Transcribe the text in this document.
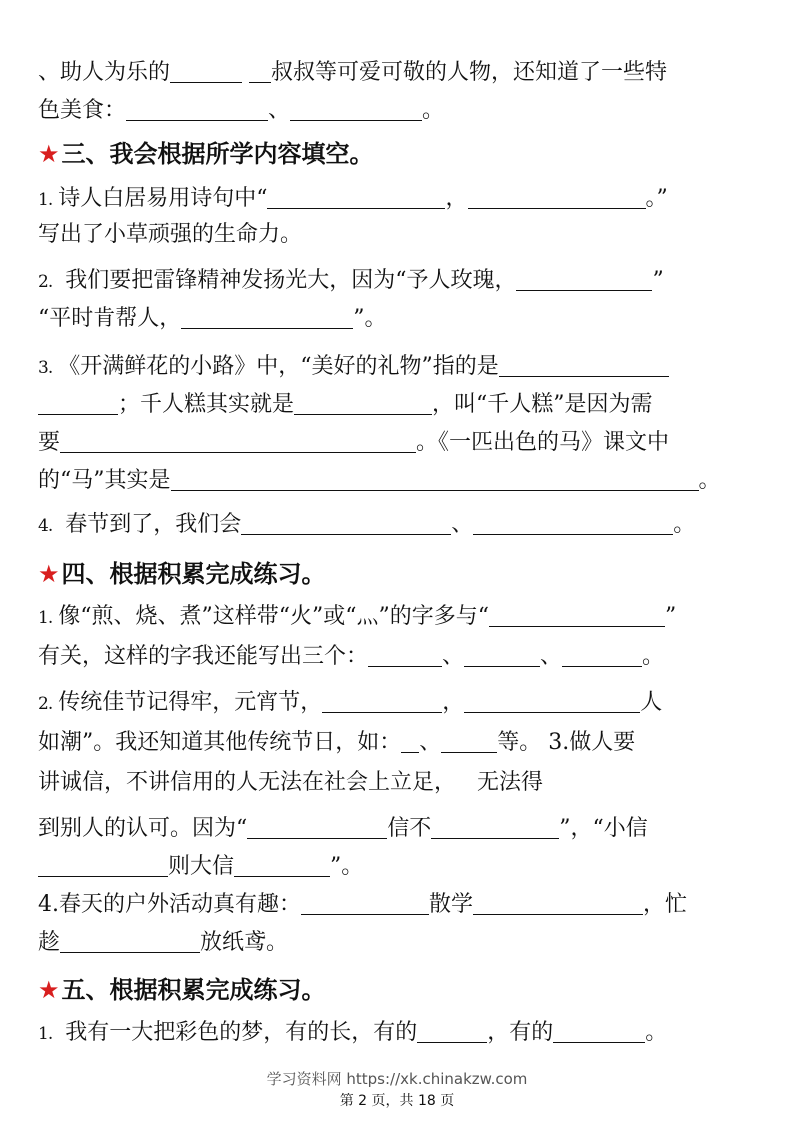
、助人为乐的	叔叔等可爱可敬的人物，还知道了一些特
色美食：	、	。
★三、我会根据所学内容填空。
1. 诗人白居易用诗句中“	，	。”
写出了小草顽强的生命力。
2. 我们要把雷锋精神发扬光大，因为“予人玫瑰，	”
“平时肯帮人，	”。
3. 《开满鲜花的小路》中，“美好的礼物”指的是
；千人糕其实就是	，叫“千人糕”是因为需
要	。《一匹出色的马》课文中
的“马”其实是	。
4. 春节到了，我们会	、	。
★四、根据积累完成练习。
1. 像“煎、烧、煮”这样带“火”或“灬”的字多与“	”
有关，这样的字我还能写出三个：	、	、	。
2. 传统佳节记得牢，元宵节，	，	人
如潮”。我还知道其他传统节日，如： 、	等。 3.做人要
讲诚信，不讲信用的人无法在社会上立足， 无法得
到别人的认可。因为“	信不	”，“小信
则大信	”。
4.春天的户外活动真有趣：	散学	，忙
趁	放纸鸢。
★五、根据积累完成练习。
1. 我有一大把彩色的梦，有的长，有的	，有的	。
学习资料网 https://xk.chinakzw.com
第 2 页，共 18 页
